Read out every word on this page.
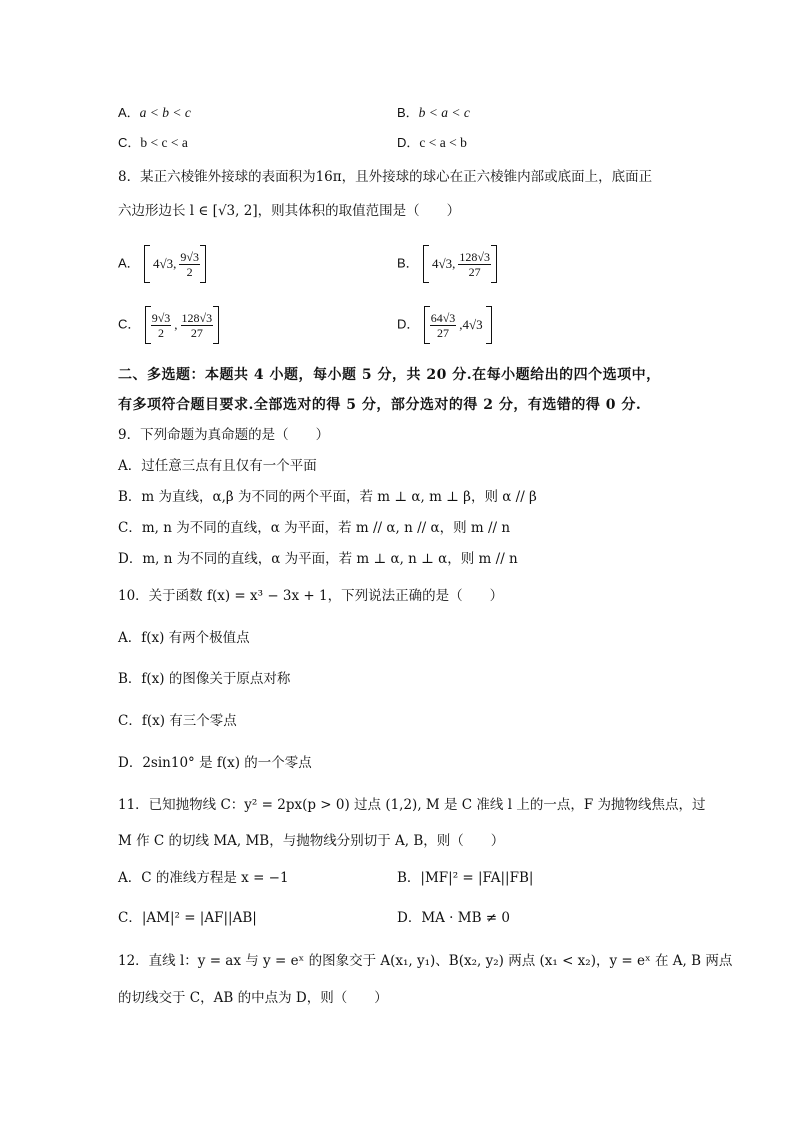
A．a < b < c	B．b < a < c
C．b < c < a	D．c < a < b
8．某正六棱锥外接球的表面积为16π，且外接球的球心在正六棱锥内部或底面上，底面正
六边形边长 l ∈ [√3, 2]，则其体积的取值范围是（　　）
A． 4√3, $\frac{9√3}{2}$	B． 4√3, $\frac{128√3}{27}$
C． $\frac{9√3}{2}$ , $\frac{128√3}{27}$	D． $\frac{64√3}{27} ,4√3$
二、多选题：本题共 4 小题，每小题 5 分，共 20 分.在每小题给出的四个选项中，
有多项符合题目要求.全部选对的得 5 分，部分选对的得 2 分，有选错的得 0 分.
9．下列命题为真命题的是（　　）
A．过任意三点有且仅有一个平面
B．m 为直线，α,β 为不同的两个平面，若 m ⊥ α, m ⊥ β，则 α // β
C．m, n 为不同的直线，α 为平面，若 m // α, n // α，则 m // n
D．m, n 为不同的直线，α 为平面，若 m ⊥ α, n ⊥ α，则 m // n
10．关于函数 f(x) = x³ − 3x + 1，下列说法正确的是（　　）
A．f(x) 有两个极值点
B．f(x) 的图像关于原点对称
C．f(x) 有三个零点
D．2sin10° 是 f(x) 的一个零点
11．已知抛物线 C：y² = 2px(p > 0) 过点 (1,2), M 是 C 准线 l 上的一点，F 为抛物线焦点，过
M 作 C 的切线 MA, MB，与抛物线分别切于 A, B，则（　　）
A．C 的准线方程是 x = −1	B．|MF|² = |FA||FB|
C．|AM|² = |AF||AB|	D．MA · MB ≠ 0
12．直线 l：y = ax 与 y = eˣ 的图象交于 A(x₁, y₁)、B(x₂, y₂) 两点 (x₁ < x₂)，y = eˣ 在 A, B 两点
的切线交于 C，AB 的中点为 D，则（　　）
